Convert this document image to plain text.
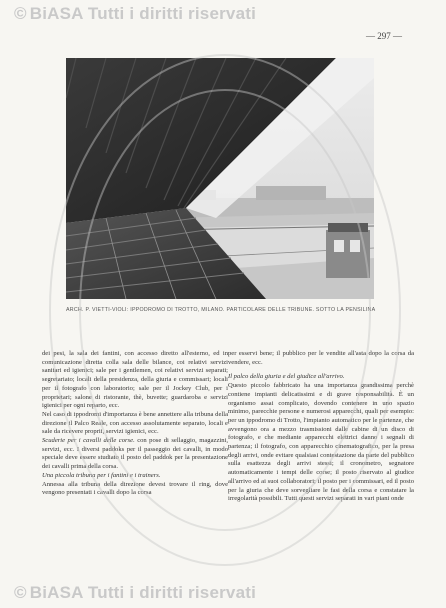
© BiASA Tutti i diritti riservati
— 297 —
ARCH. P. VIETTI-VIOLI: IPPODROMO DI TROTTO, MILANO. PARTICOLARE DELLE TRIBUNE. SOTTO LA PENSILINA

dei pesi, la sala dei fantini, con accesso diretto all'esterno, ed in comunicazione diretta colla sala delle bilance, coi relativi servizi sanitari ed igienici; sale per i gentlemen, coi relativi servizi separati; segretariato; locali della presidenza, della giuria e commissari; locali per il fotografo con laboratorio; sale per il Jockey Club, per i proprietari; salone di ristorante, thè, buvette; guardaroba e servizi igienici per ogni reparto, ecc.

Nel caso di ippodromi d'importanza è bene annettere alla tribuna della direzione il Palco Reale, con accesso assolutamente separato, locali e sale da ricevere proprii, servizi igienici, ecc.

Scuderie per i cavalli delle corse. con pose di sellaggio, magazzini, servizi, ecc. I diversi paddoks per il passeggio dei cavalli, in modo speciale deve essere studiato il posto del paddok per la presentazione dei cavalli prima della corsa.

Una piccola tribuna per i fantini e i trainers.

Annessa alla tribuna della direzione devesi trovare il ring, dove vengono presentati i cavalli dopo la corsa

per esservi bene; il pubblico per le vendite all'asta dopo la corsa da vendere, ecc.

Il palco della giuria e del giudice all'arrivo.

Questo piccolo fabbricato ha una importanza grandissima perchè contiene impianti delicatissimi e di grave responsabilità. È un organismo assai complicato, dovendo contenere in uno spazio minimo, parecchie persone e numerosi apparecchi, quali per esempio: per un ippodromo di Trotto, l'impianto automatico per le partenze, che avvengono ora a mezzo trasmissioni dalle cabine di un disco di fotografo, e che mediante apparecchi elettrici danno i segnali di partenza; il fotografo, con apparecchio cinematografico, per la presa degli arrivi, onde evitare qualsiasi contestazione da parte del pubblico sulla esattezza degli arrivi stessi; il cronometro, segnatore automaticamente i tempi delle corse; il posto riservato al giudice all'arrivo ed ai suoi collaboratori; il posto per i commissari, ed il posto per la giuria che deve sorvegliare le fasi della corsa e constatare la irregolarità possibili. Tutti questi servizi separati in vari piani onde

© BiASA Tutti i diritti riservati
